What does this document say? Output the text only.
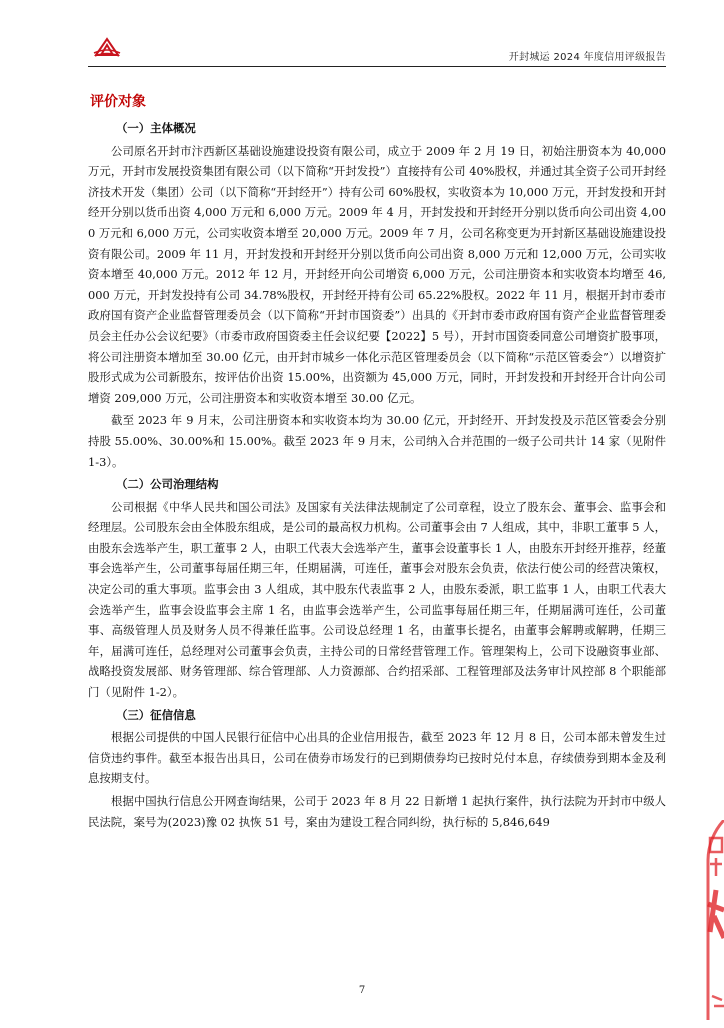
开封城运 2024 年度信用评级报告
评价对象

（一）主体概况

公司原名开封市汴西新区基础设施建设投资有限公司，成立于 2009 年 2 月 19 日，初始注册资本为 40,000 万元，开封市发展投资集团有限公司（以下简称“开封发投”）直接持有公司 40%股权，并通过其全资子公司开封经济技术开发（集团）公司（以下简称“开封经开”）持有公司 60%股权，实收资本为 10,000 万元，开封发投和开封经开分别以货币出资 4,000 万元和 6,000 万元。2009 年 4 月，开封发投和开封经开分别以货币向公司出资 4,000 万元和 6,000 万元，公司实收资本增至 20,000 万元。2009 年 7 月，公司名称变更为开封新区基础设施建设投资有限公司。2009 年 11 月，开封发投和开封经开分别以货币向公司出资 8,000 万元和 12,000 万元，公司实收资本增至 40,000 万元。2012 年 12 月，开封经开向公司增资 6,000 万元，公司注册资本和实收资本均增至 46,000 万元，开封发投持有公司 34.78%股权，开封经开持有公司 65.22%股权。2022 年 11 月，根据开封市委市政府国有资产企业监督管理委员会（以下简称“开封市国资委”）出具的《开封市委市政府国有资产企业监督管理委员会主任办公会议纪要》（市委市政府国资委主任会议纪要【2022】5 号），开封市国资委同意公司增资扩股事项，将公司注册资本增加至 30.00 亿元，由开封市城乡一体化示范区管理委员会（以下简称“示范区管委会”）以增资扩股形式成为公司新股东，按评估价出资 15.00%，出资额为 45,000 万元，同时，开封发投和开封经开合计向公司增资 209,000 万元，公司注册资本和实收资本增至 30.00 亿元。

截至 2023 年 9 月末，公司注册资本和实收资本均为 30.00 亿元，开封经开、开封发投及示范区管委会分别持股 55.00%、30.00%和 15.00%。截至 2023 年 9 月末，公司纳入合并范围的一级子公司共计 14 家（见附件 1-3）。

（二）公司治理结构

公司根据《中华人民共和国公司法》及国家有关法律法规制定了公司章程，设立了股东会、董事会、监事会和经理层。公司股东会由全体股东组成，是公司的最高权力机构。公司董事会由 7 人组成，其中，非职工董事 5 人，由股东会选举产生，职工董事 2 人，由职工代表大会选举产生，董事会设董事长 1 人，由股东开封经开推荐，经董事会选举产生，公司董事每届任期三年，任期届满，可连任，董事会对股东会负责，依法行使公司的经营决策权，决定公司的重大事项。监事会由 3 人组成，其中股东代表监事 2 人，由股东委派，职工监事 1 人，由职工代表大会选举产生，监事会设监事会主席 1 名，由监事会选举产生，公司监事每届任期三年，任期届满可连任，公司董事、高级管理人员及财务人员不得兼任监事。公司设总经理 1 名，由董事长提名，由董事会解聘或解聘，任期三年，届满可连任，总经理对公司董事会负责，主持公司的日常经营管理工作。管理架构上，公司下设融资事业部、战略投资发展部、财务管理部、综合管理部、人力资源部、合约招采部、工程管理部及法务审计风控部 8 个职能部门（见附件 1-2）。

（三）征信信息

根据公司提供的中国人民银行征信中心出具的企业信用报告，截至 2023 年 12 月 8 日，公司本部未曾发生过信贷违约事件。截至本报告出具日，公司在债券市场发行的已到期债券均已按时兑付本息，存续债券到期本金及利息按期支付。

根据中国执行信息公开网查询结果，公司于 2023 年 8 月 22 日新增 1 起执行案件，执行法院为开封市中级人民法院，案号为(2023)豫 02 执恢 51 号，案由为建设工程合同纠纷，执行标的 5,846,649

7
